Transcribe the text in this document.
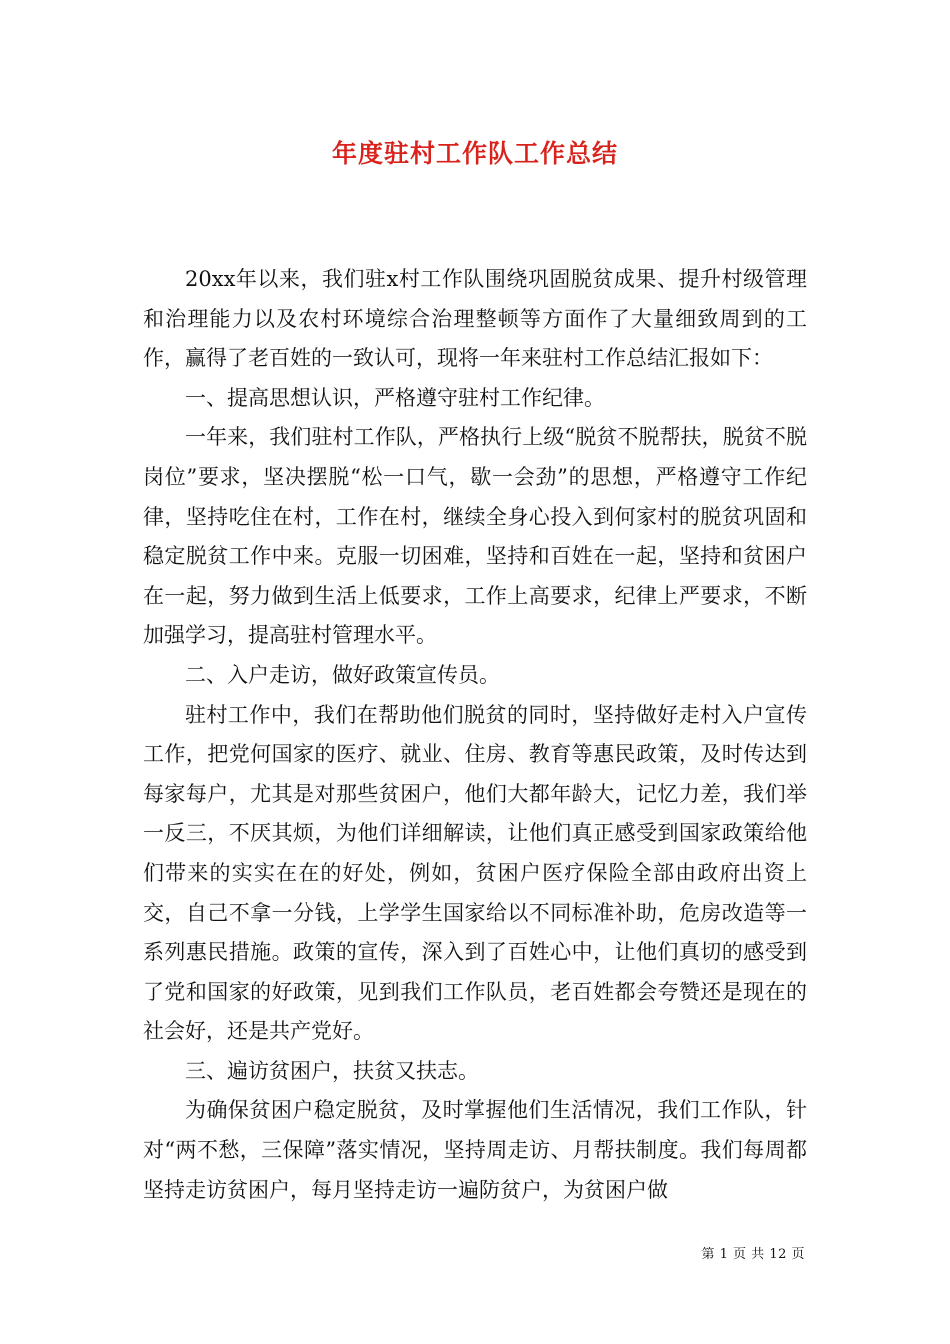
年度驻村工作队工作总结

20xx年以来，我们驻x村工作队围绕巩固脱贫成果、提升村级管理和治理能力以及农村环境综合治理整顿等方面作了大量细致周到的工作，赢得了老百姓的一致认可，现将一年来驻村工作总结汇报如下：

一、提高思想认识，严格遵守驻村工作纪律。

一年来，我们驻村工作队，严格执行上级“脱贫不脱帮扶，脱贫不脱岗位”要求，坚决摆脱“松一口气，歇一会劲”的思想，严格遵守工作纪律，坚持吃住在村，工作在村，继续全身心投入到何家村的脱贫巩固和稳定脱贫工作中来。克服一切困难，坚持和百姓在一起，坚持和贫困户在一起，努力做到生活上低要求，工作上高要求，纪律上严要求，不断加强学习，提高驻村管理水平。

二、入户走访，做好政策宣传员。

驻村工作中，我们在帮助他们脱贫的同时，坚持做好走村入户宣传工作，把党何国家的医疗、就业、住房、教育等惠民政策，及时传达到每家每户，尤其是对那些贫困户，他们大都年龄大，记忆力差，我们举一反三，不厌其烦，为他们详细解读，让他们真正感受到国家政策给他们带来的实实在在的好处，例如，贫困户医疗保险全部由政府出资上交，自己不拿一分钱，上学学生国家给以不同标准补助，危房改造等一系列惠民措施。政策的宣传，深入到了百姓心中，让他们真切的感受到了党和国家的好政策，见到我们工作队员，老百姓都会夸赞还是现在的社会好，还是共产党好。

三、遍访贫困户，扶贫又扶志。

为确保贫困户稳定脱贫，及时掌握他们生活情况，我们工作队，针对“两不愁，三保障”落实情况，坚持周走访、月帮扶制度。我们每周都坚持走访贫困户，每月坚持走访一遍防贫户，为贫困户做

第 1 页 共 12 页
